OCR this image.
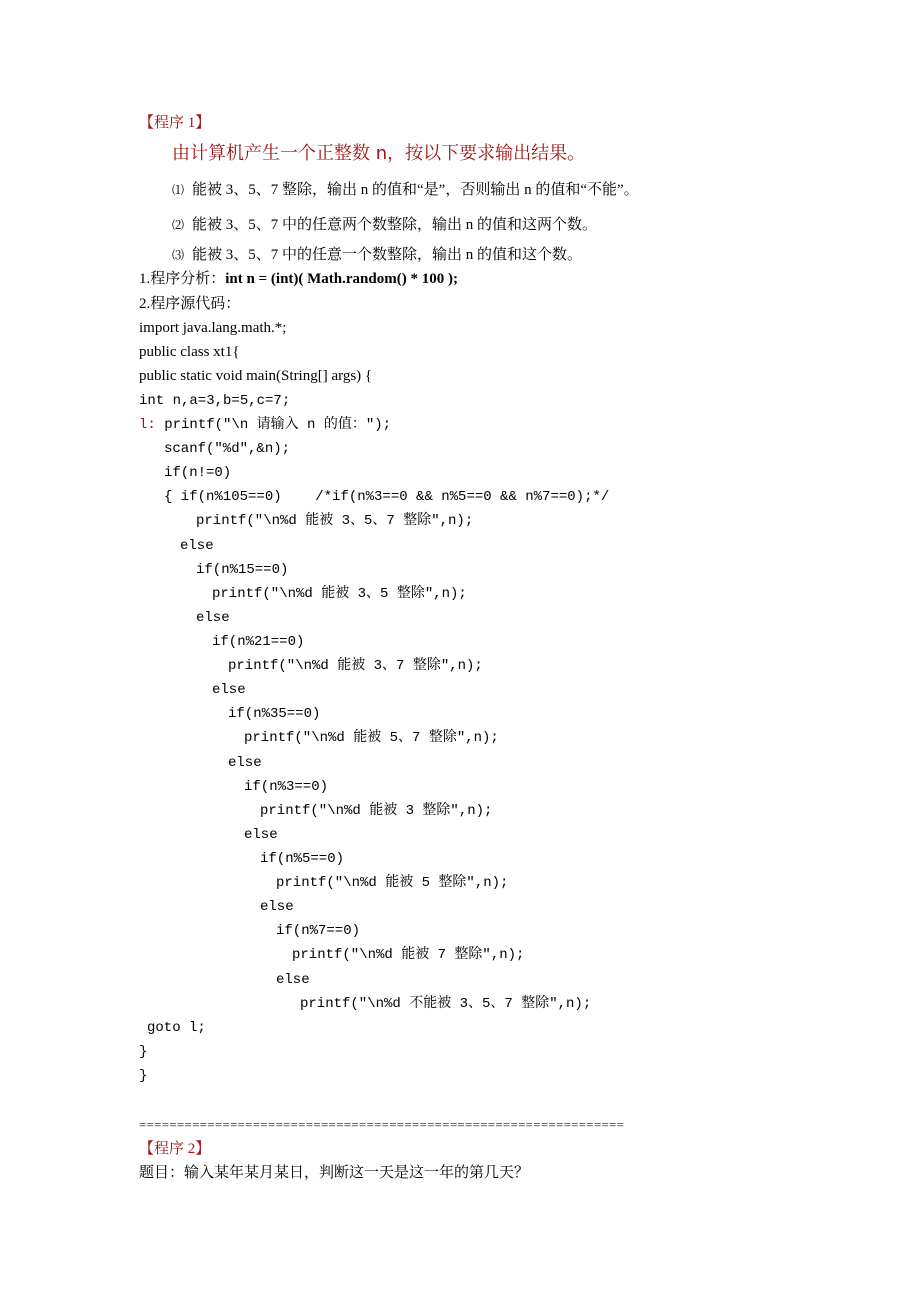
【程序 1】
由计算机产生一个正整数 n，按以下要求输出结果。
⑴ 能被 3、5、7 整除，输出 n 的值和“是”，否则输出 n 的值和“不能”。
⑵ 能被 3、5、7 中的任意两个数整除，输出 n 的值和这两个数。
⑶ 能被 3、5、7 中的任意一个数整除，输出 n 的值和这个数。
1.程序分析：int n = (int)( Math.random() * 100 );
2.程序源代码：
import java.lang.math.*;
public class xt1{
public static void main(String[] args) {
int n,a=3,b=5,c=7;
l: printf("\n 请输入 n 的值：");
scanf("%d",&n);
if(n!=0)
{ if(n%105==0)    /*if(n%3==0 && n%5==0 && n%7==0);*/
printf("\n%d 能被 3、5、7 整除",n);
else
if(n%15==0)
printf("\n%d 能被 3、5 整除",n);
else
if(n%21==0)
printf("\n%d 能被 3、7 整除",n);
else
if(n%35==0)
printf("\n%d 能被 5、7 整除",n);
else
if(n%3==0)
printf("\n%d 能被 3 整除",n);
else
if(n%5==0)
printf("\n%d 能被 5 整除",n);
else
if(n%7==0)
printf("\n%d 能被 7 整除",n);
else
printf("\n%d 不能被 3、5、7 整除",n);
goto l;
}
}
================================================================
【程序 2】
题目：输入某年某月某日，判断这一天是这一年的第几天？
